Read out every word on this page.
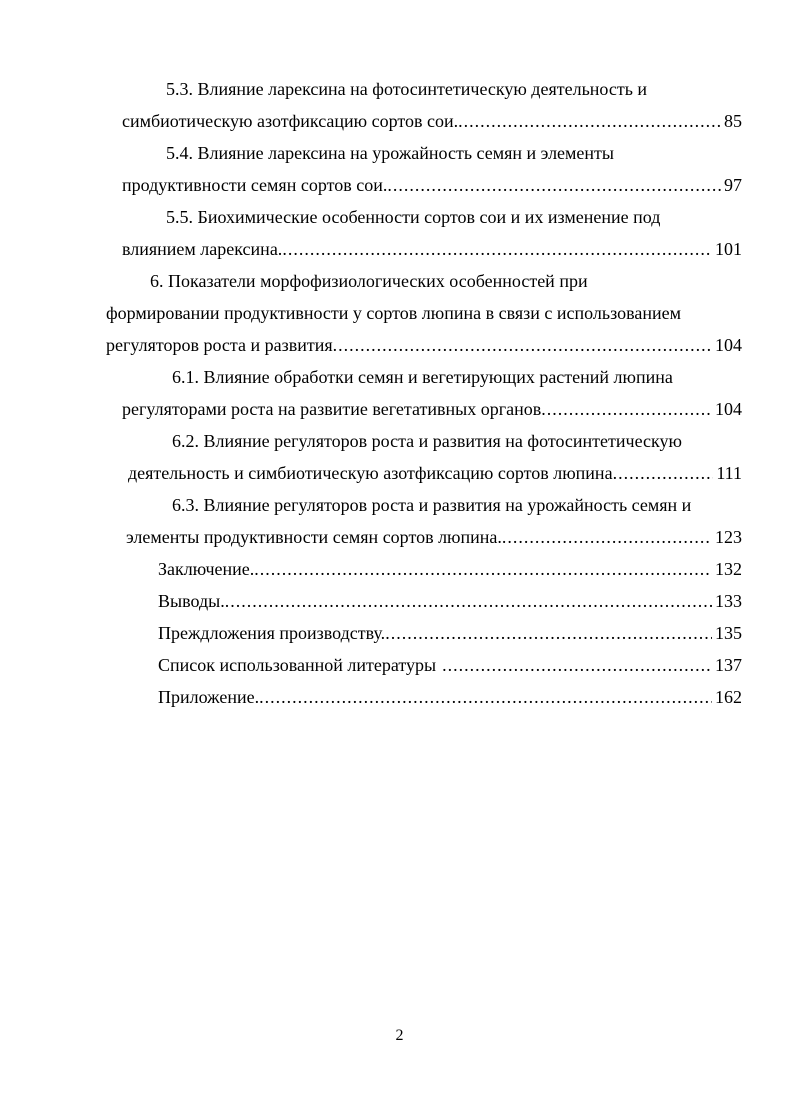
5.3. Влияние ларексина на фотосинтетическую деятельность и
симбиотическую азотфиксацию сортов сои. .....	85
5.4. Влияние ларексина на урожайность семян и элементы
продуктивности семян сортов сои. .....	97
5.5. Биохимические особенности сортов сои и их изменение под
влиянием ларексина. .....	101
6. Показатели морфофизиологических особенностей при
формировании продуктивности у сортов люпина в связи с использованием
регуляторов роста и развития .....	104
6.1. Влияние обработки семян и вегетирующих растений люпина
регуляторами роста на развитие вегетативных органов .....	104
6.2. Влияние регуляторов роста и развития на фотосинтетическую
деятельность и симбиотическую азотфиксацию сортов люпина .....	111
6.3. Влияние регуляторов роста и развития на урожайность семян и
элементы продуктивности семян сортов люпина. .....	123
Заключение. .....	132
Выводы. .....	133
Преждложения производству. .....	135
Список использованной литературы .....	137
Приложение. .....	162
2
